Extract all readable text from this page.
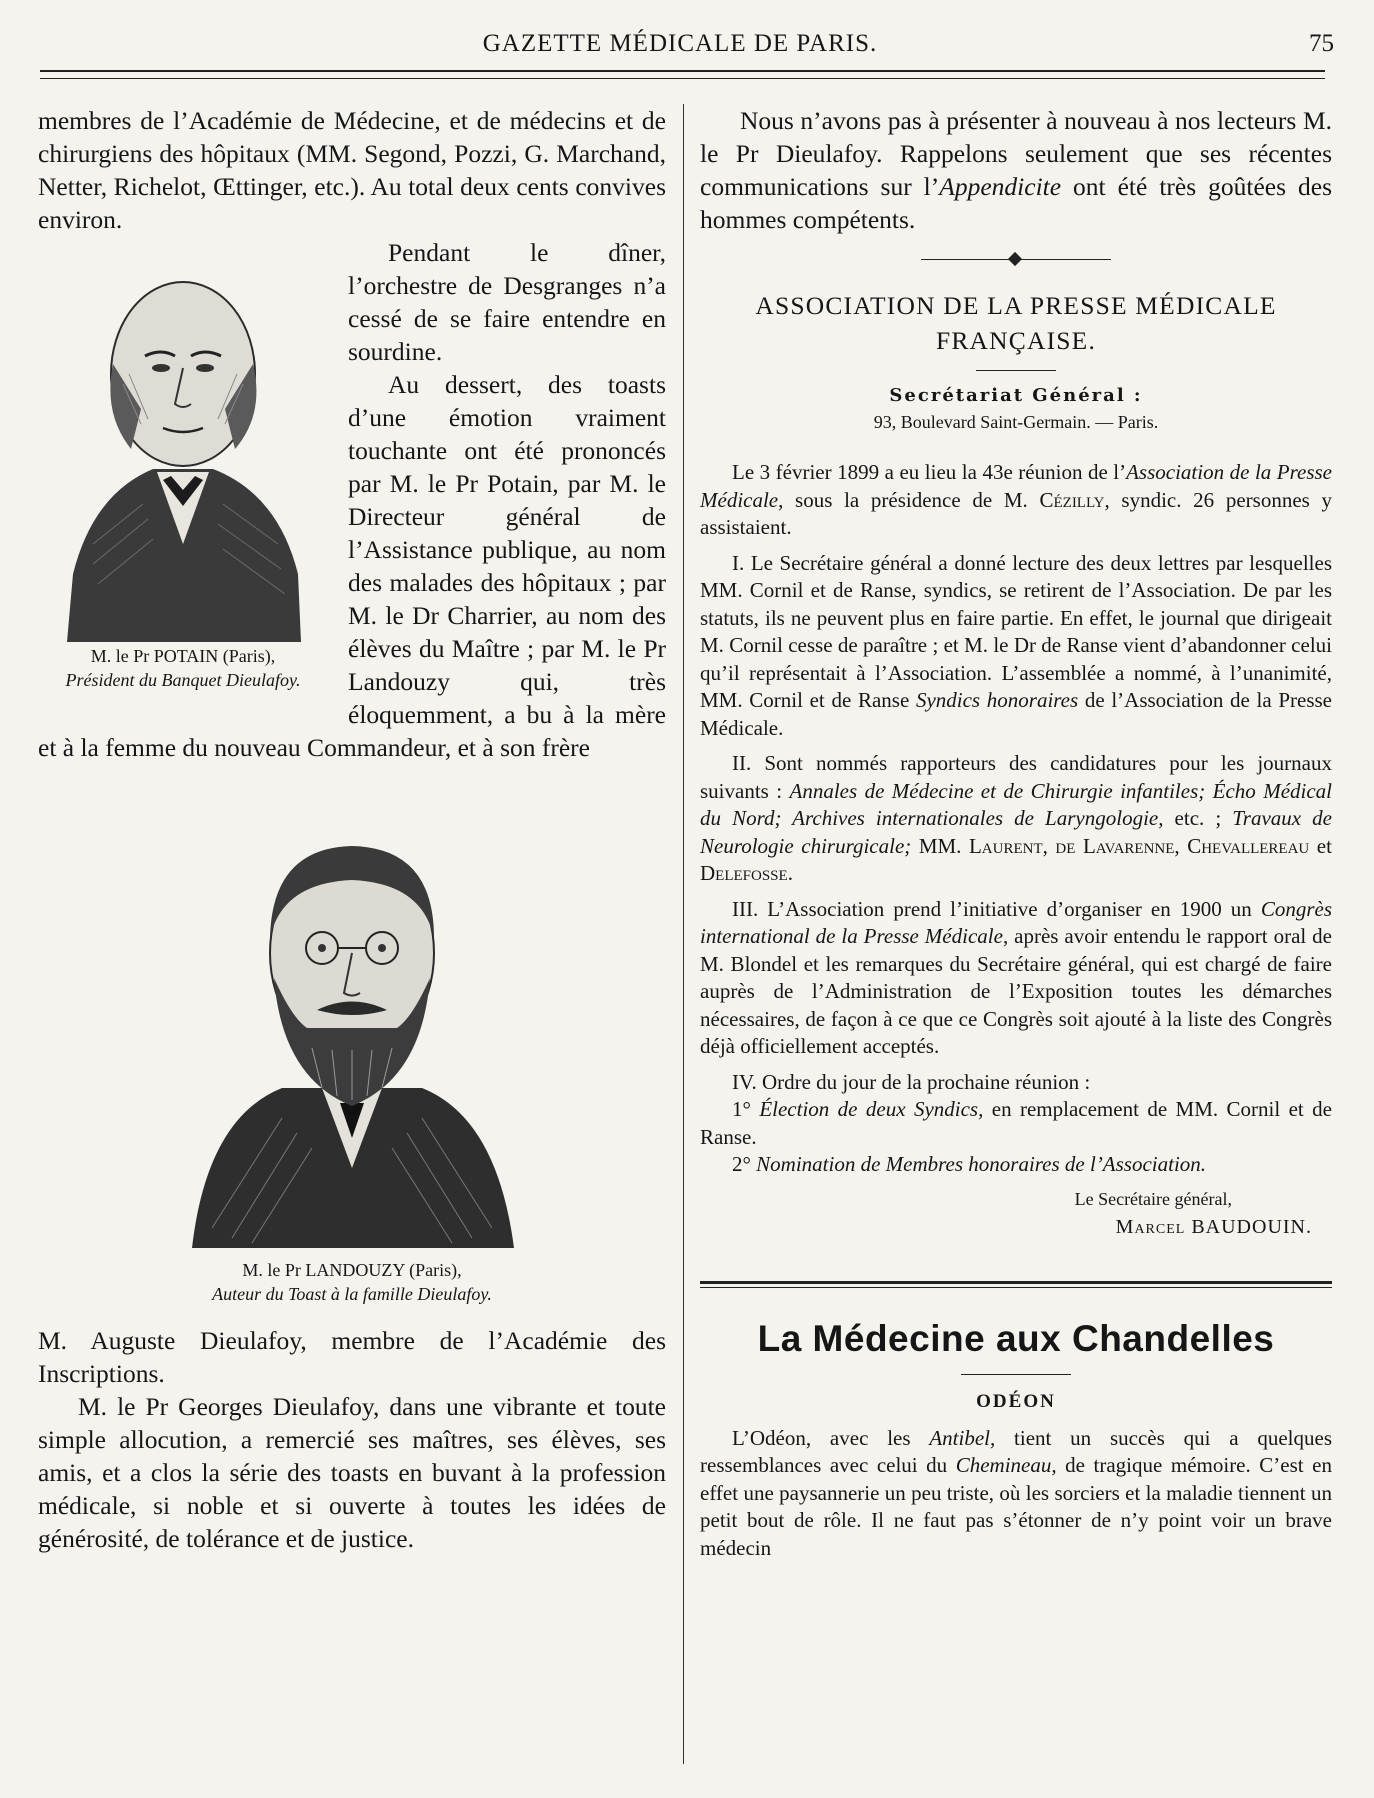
GAZETTE MÉDICALE DE PARIS.	75

membres de l’Académie de Médecine, et de médecins et de chirurgiens des hôpitaux (MM. Segond, Pozzi, G. Marchand, Netter, Richelot, Œttinger, etc.). Au total deux cents convives environ.

M. le Pr POTAIN (Paris),

Président du Banquet Dieulafoy.

Pendant le dîner, l’orchestre de Desgranges n’a cessé de se faire entendre en sourdine.

Au dessert, des toasts d’une émotion vraiment touchante ont été prononcés par M. le Pr Potain, par M. le Directeur général de l’Assistance publique, au nom des malades des hôpitaux ; par M. le Dr Charrier, au nom des élèves du Maître ; par M. le Pr Landouzy qui, très éloquemment, a bu à la mère et à la femme du nouveau Commandeur, et à son frère

M. le Pr LANDOUZY (Paris),

Auteur du Toast à la famille Dieulafoy.

M. Auguste Dieulafoy, membre de l’Académie des Inscriptions.

M. le Pr Georges Dieulafoy, dans une vibrante et toute simple allocution, a remercié ses maîtres, ses élèves, ses amis, et a clos la série des toasts en buvant à la profession médicale, si noble et si ouverte à toutes les idées de générosité, de tolérance et de justice.

Nous n’avons pas à présenter à nouveau à nos lecteurs M. le Pr Dieulafoy. Rappelons seulement que ses récentes communications sur l’Appendicite ont été très goûtées des hommes compétents.

ASSOCIATION DE LA PRESSE MÉDICALE
FRANÇAISE.

Secrétariat Général :

93, Boulevard Saint-Germain. — Paris.

Le 3 février 1899 a eu lieu la 43e réunion de l’Association de la Presse Médicale, sous la présidence de M. Cézilly, syndic. 26 personnes y assistaient.

I. Le Secrétaire général a donné lecture des deux lettres par lesquelles MM. Cornil et de Ranse, syndics, se retirent de l’Association. De par les statuts, ils ne peuvent plus en faire partie. En effet, le journal que dirigeait M. Cornil cesse de paraître ; et M. le Dr de Ranse vient d’abandonner celui qu’il représentait à l’Association. L’assemblée a nommé, à l’unanimité, MM. Cornil et de Ranse Syndics honoraires de l’Association de la Presse Médicale.

II. Sont nommés rapporteurs des candidatures pour les journaux suivants : Annales de Médecine et de Chirurgie infantiles; Écho Médical du Nord; Archives internationales de Laryngologie, etc. ; Travaux de Neurologie chirurgicale; MM. Laurent, de Lavarenne, Chevallereau et Delefosse.

III. L’Association prend l’initiative d’organiser en 1900 un Congrès international de la Presse Médicale, après avoir entendu le rapport oral de M. Blondel et les remarques du Secrétaire général, qui est chargé de faire auprès de l’Administration de l’Exposition toutes les démarches nécessaires, de façon à ce que ce Congrès soit ajouté à la liste des Congrès déjà officiellement acceptés.

IV. Ordre du jour de la prochaine réunion :

1° Élection de deux Syndics, en remplacement de MM. Cornil et de Ranse.

2° Nomination de Membres honoraires de l’Association.

Le Secrétaire général,

Marcel BAUDOUIN.

La Médecine aux Chandelles

ODÉON

L’Odéon, avec les Antibel, tient un succès qui a quelques ressemblances avec celui du Chemineau, de tragique mémoire. C’est en effet une paysannerie un peu triste, où les sorciers et la maladie tiennent un petit bout de rôle. Il ne faut pas s’étonner de n’y point voir un brave médecin
